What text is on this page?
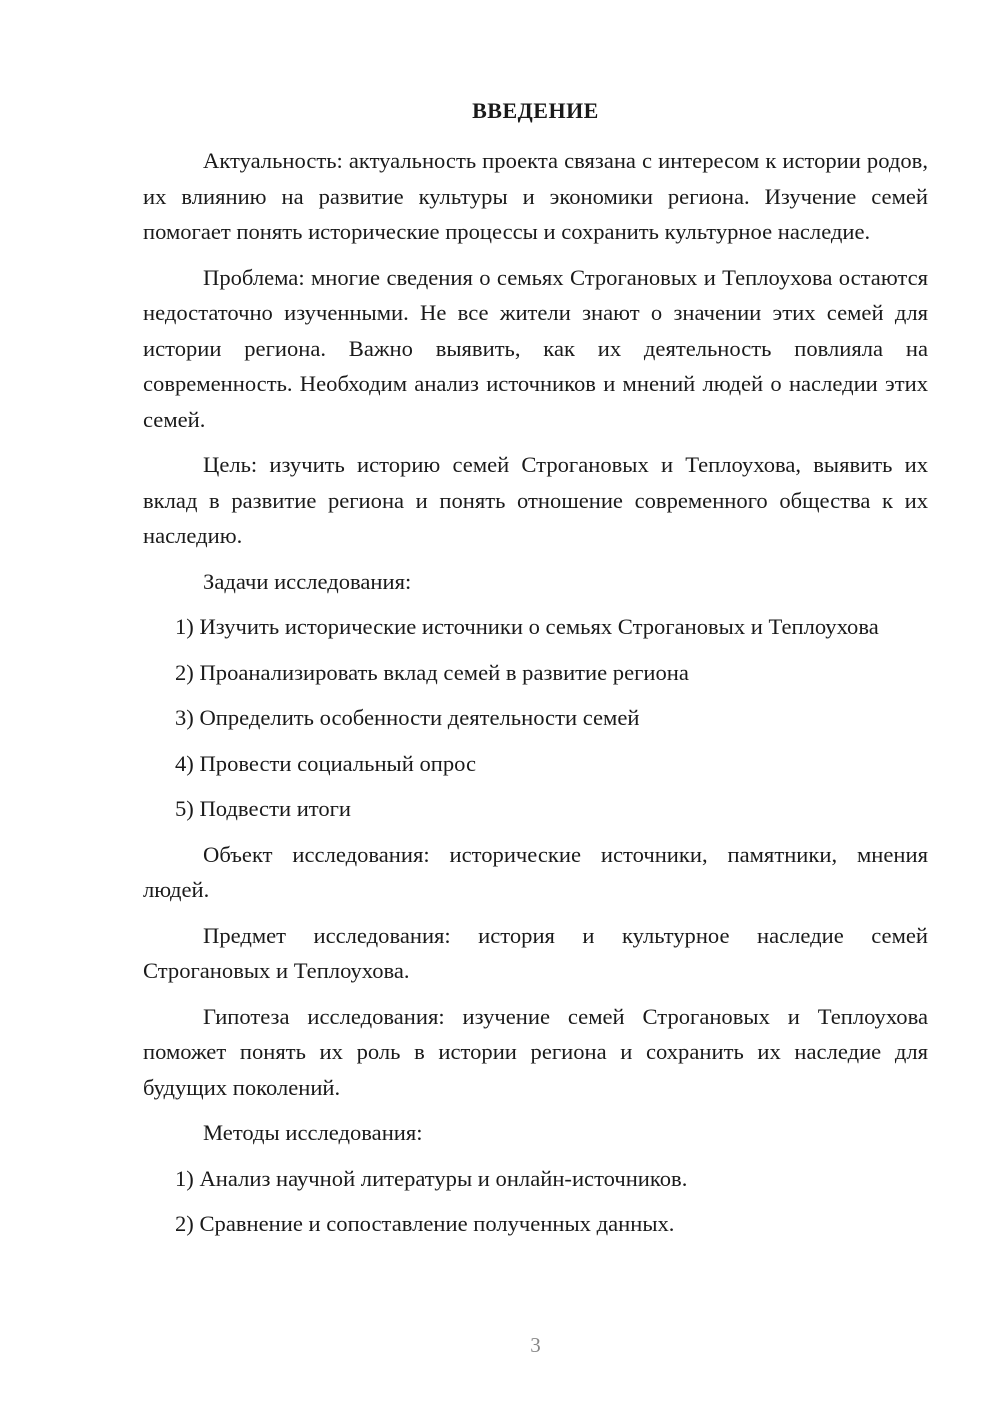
ВВЕДЕНИЕ

Актуальность: актуальность проекта связана с интересом к истории родов, их влиянию на развитие культуры и экономики региона. Изучение семей помогает понять исторические процессы и сохранить культурное наследие.

Проблема: многие сведения о семьях Строгановых и Теплоухова остаются недостаточно изученными. Не все жители знают о значении этих семей для истории региона. Важно выявить, как их деятельность повлияла на современность. Необходим анализ источников и мнений людей о наследии этих семей.

Цель: изучить историю семей Строгановых и Теплоухова, выявить их вклад в развитие региона и понять отношение современного общества к их наследию.

Задачи исследования:

1) Изучить исторические источники о семьях Строгановых и Теплоухова

2) Проанализировать вклад семей в развитие региона

3) Определить особенности деятельности семей

4) Провести социальный опрос

5) Подвести итоги

Объект исследования: исторические источники, памятники, мнения людей.

Предмет исследования: история и культурное наследие семей Строгановых и Теплоухова.

Гипотеза исследования: изучение семей Строгановых и Теплоухова поможет понять их роль в истории региона и сохранить их наследие для будущих поколений.

Методы исследования:

1) Анализ научной литературы и онлайн-источников.

2) Сравнение и сопоставление полученных данных.

3
